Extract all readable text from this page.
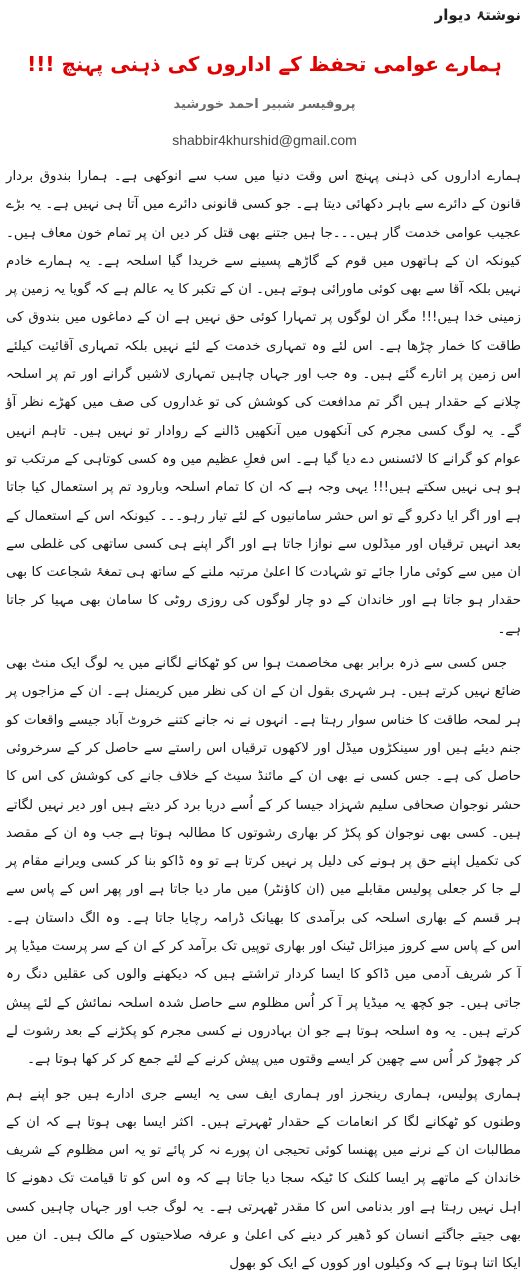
نوشتۂ دیوار
ہمارے عوامی تحفظ کے اداروں کی ذہنی پہنچ !!!
پروفیسر شبیر احمد خورشید
shabbir4khurshid@gmail.com

ہمارے اداروں کی ذہنی پہنچ اس وقت دنیا میں سب سے انوکھی ہے۔ ہمارا بندوق بردار قانون کے دائرے سے باہر دکھائی دیتا ہے۔ جو کسی قانونی دائرے میں آتا ہی نہیں ہے۔ یہ بڑے عجیب عوامی خدمت گار ہیں۔۔۔جا ہیں جتنے بھی قتل کر دیں ان پر تمام خون معاف ہیں۔ کیونکہ ان کے ہاتھوں میں قوم کے گاڑھے پسینے سے خریدا گیا اسلحہ ہے۔ یہ ہمارے خادم نہیں بلکہ آقا سے بھی کوئی ماورائی ہوتے ہیں۔ ان کے تکبر کا یہ عالم ہے کہ گویا یہ زمین پر زمینی خدا ہیں!!! مگر ان لوگوں پر تمہارا کوئی حق نہیں ہے ان کے دماغوں میں بندوق کی طاقت کا خمار چڑھا ہے۔ اس لئے وہ تمہاری خدمت کے لئے نہیں بلکہ تمہاری آقائیت کیلئے اس زمین پر اتارے گئے ہیں۔ وہ جب اور جہاں چاہیں تمہاری لاشیں گرانے اور تم پر اسلحہ چلانے کے حقدار ہیں اگر تم مدافعت کی کوشش کی تو غداروں کی صف میں کھڑے نظر آؤ گے۔ یہ لوگ کسی مجرم کی آنکھوں میں آنکھیں ڈالنے کے روادار تو نہیں ہیں۔ تاہم انہیں عوام کو گرانے کا لائسنس دے دیا گیا ہے۔ اس فعلِ عظیم میں وہ کسی کوتاہی کے مرتکب تو ہو ہی نہیں سکتے ہیں!!! یہی وجہ ہے کہ ان کا تمام اسلحہ وبارود تم پر استعمال کیا جاتا ہے اور اگر ایا دکرو گے تو اس حشر سامانیوں کے لئے تیار رہو۔۔۔ کیونکہ اس کے استعمال کے بعد انہیں ترقیاں اور میڈلوں سے نوازا جاتا ہے اور اگر اپنے ہی کسی ساتھی کی غلطی سے ان میں سے کوئی مارا جائے تو شہادت کا اعلیٰ مرتبہ ملنے کے ساتھ ہی تمغۂ شجاعت کا بھی حقدار ہو جاتا ہے اور خاندان کے دو چار لوگوں کی روزی روٹی کا سامان بھی مہیا کر جاتا ہے۔

جس کسی سے ذرہ برابر بھی مخاصمت ہوا س کو ٹھکانے لگانے میں یہ لوگ ایک منٹ بھی ضائع نہیں کرتے ہیں۔ ہر شہری بقول ان کے ان کی نظر میں کریمنل ہے۔ ان کے مزاجوں پر ہر لمحہ طاقت کا خناس سوار رہتا ہے۔ انہوں نے نہ جانے کتنے خروٹ آباد جیسے واقعات کو جنم دیئے ہیں اور سینکڑوں میڈل اور لاکھوں ترقیاں اس راستے سے حاصل کر کے سرخروئی حاصل کی ہے۔ جس کسی نے بھی ان کے مائنڈ سیٹ کے خلاف جانے کی کوشش کی اس کا حشر نوجوان صحافی سلیم شہزاد جیسا کر کے اُسے دریا برد کر دیتے ہیں اور دیر نہیں لگاتے ہیں۔ کسی بھی نوجوان کو پکڑ کر بھاری رشوتوں کا مطالبہ ہوتا ہے جب وہ ان کے مقصد کی تکمیل اپنے حق پر ہونے کی دلیل پر نہیں کرتا ہے تو وہ ڈاکو بنا کر کسی ویرانے مقام پر لے جا کر جعلی پولیس مقابلے میں (ان کاؤنٹر) میں مار دیا جاتا ہے اور پھر اس کے پاس سے ہر قسم کے بھاری اسلحہ کی برآمدی کا بھیانک ڈرامہ رچایا جاتا ہے۔ وہ الگ داستان ہے۔ اس کے پاس سے کروز میزائل ٹینک اور بھاری توپیں تک برآمد کر کے ان کے سر پرست میڈیا پر آ کر شریف آدمی میں ڈاکو کا ایسا کردار تراشتے ہیں کہ دیکھنے والوں کی عقلیں دنگ رہ جاتی ہیں۔ جو کچھ یہ میڈیا پر آ کر اُس مظلوم سے حاصل شدہ اسلحہ نمائش کے لئے پیش کرتے ہیں۔ یہ وہ اسلحہ ہوتا ہے جو ان بہادروں نے کسی مجرم کو پکڑنے کے بعد رشوت لے کر چھوڑ کر اُس سے چھین کر ایسے وقتوں میں پیش کرنے کے لئے جمع کر کر کھا ہوتا ہے۔

ہماری پولیس، ہماری رینجرز اور ہماری ایف سی یہ ایسے جری ادارے ہیں جو اپنے ہم وطنوں کو ٹھکانے لگا کر انعامات کے حقدار ٹھہرتے ہیں۔ اکثر ایسا بھی ہوتا ہے کہ ان کے مطالبات ان کے نرنے میں پھنسا کوئی تحیجی ان پورے نہ کر پائے تو یہ اس مظلوم کے شریف خاندان کے ماتھے پر ایسا کلنک کا ٹیکہ سجا دیا جاتا ہے کہ وہ اس کو تا قیامت تک دھونے کا اہل نہیں رہتا ہے اور بدنامی اس کا مقدر ٹھہرتی ہے۔ یہ لوگ جب اور جہاں چاہیں کسی بھی جیتے جاگتے انسان کو ڈھیر کر دینے کی اعلیٰ و عرفہ صلاحیتوں کے مالک ہیں۔ ان میں ایکا اتنا ہوتا ہے کہ وکیلوں اور کووں کے ایک کو بھول
